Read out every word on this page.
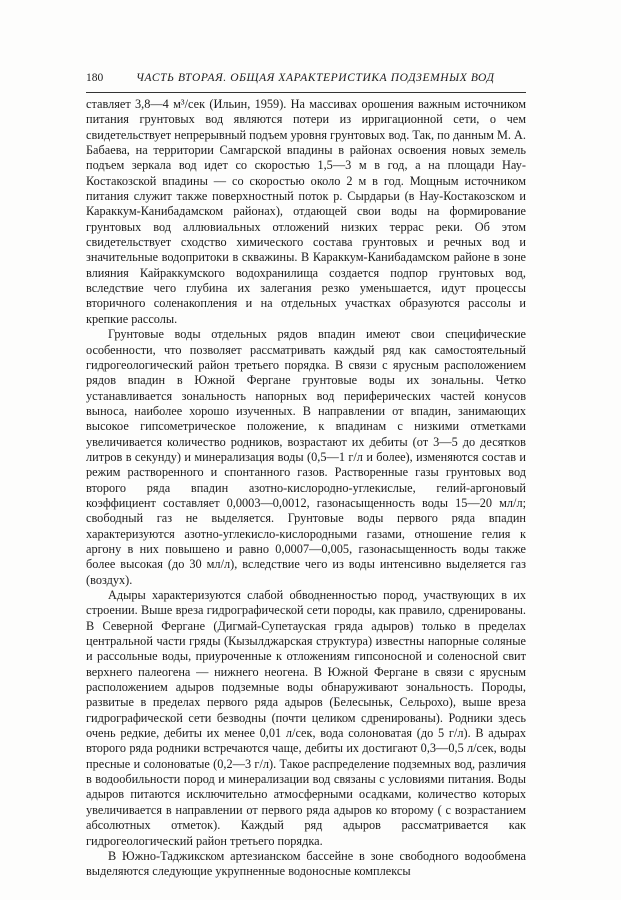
180	ЧАСТЬ ВТОРАЯ. ОБЩАЯ ХАРАКТЕРИСТИКА ПОДЗЕМНЫХ ВОД

ставляет 3,8—4 м³/сек (Ильин, 1959). На массивах орошения важным источником питания грунтовых вод являются потери из ирригационной сети, о чем свидетельствует непрерывный подъем уровня грунтовых вод. Так, по данным М. А. Бабаева, на территории Самгарской впадины в районах освоения новых земель подъем зеркала вод идет со скоростью 1,5—3 м в год, а на площади Нау-Костакозской впадины — со скоростью около 2 м в год. Мощным источником питания служит также поверхностный поток р. Сырдарьи (в Нау-Костакозском и Караккум-Канибадамском районах), отдающей свои воды на формирование грунтовых вод аллювиальных отложений низких террас реки. Об этом свидетельствует сходство химического состава грунтовых и речных вод и значительные водопритоки в скважины. В Караккум-Канибадамском районе в зоне влияния Кайраккумского водохранилища создается подпор грунтовых вод, вследствие чего глубина их залегания резко уменьшается, идут процессы вторичного соленакопления и на отдельных участках образуются рассолы и крепкие рассолы.

Грунтовые воды отдельных рядов впадин имеют свои специфические особенности, что позволяет рассматривать каждый ряд как самостоятельный гидрогеологический район третьего порядка. В связи с ярусным расположением рядов впадин в Южной Фергане грунтовые воды их зональны. Четко устанавливается зональность напорных вод периферических частей конусов выноса, наиболее хорошо изученных. В направлении от впадин, занимающих высокое гипсометрическое положение, к впадинам с низкими отметками увеличивается количество родников, возрастают их дебиты (от 3—5 до десятков литров в секунду) и минерализация воды (0,5—1 г/л и более), изменяются состав и режим растворенного и спонтанного газов. Растворенные газы грунтовых вод второго ряда впадин азотно-кислородно-углекислые, гелий-аргоновый коэффициент составляет 0,0003—0,0012, газонасыщенность воды 15—20 мл/л; свободный газ не выделяется. Грунтовые воды первого ряда впадин характеризуются азотно-углекисло-кислородными газами, отношение гелия к аргону в них повышено и равно 0,0007—0,005, газонасыщенность воды также более высокая (до 30 мл/л), вследствие чего из воды интенсивно выделяется газ (воздух).

Адыры характеризуются слабой обводненностью пород, участвующих в их строении. Выше вреза гидрографической сети породы, как правило, сдренированы. В Северной Фергане (Дигмай-Супетауская гряда адыров) только в пределах центральной части гряды (Кызылджарская структура) известны напорные соляные и рассольные воды, приуроченные к отложениям гипсоносной и соленосной свит верхнего палеогена — нижнего неогена. В Южной Фергане в связи с ярусным расположением адыров подземные воды обнаруживают зональность. Породы, развитые в пределах первого ряда адыров (Белесыньк, Сельрохо), выше вреза гидрографической сети безводны (почти целиком сдренированы). Родники здесь очень редкие, дебиты их менее 0,01 л/сек, вода солоноватая (до 5 г/л). В адырах второго ряда родники встречаются чаще, дебиты их достигают 0,3—0,5 л/сек, воды пресные и солоноватые (0,2—3 г/л). Такое распределение подземных вод, различия в водообильности пород и минерализации вод связаны с условиями питания. Воды адыров питаются исключительно атмосферными осадками, количество которых увеличивается в направлении от первого ряда адыров ко второму ( с возрастанием абсолютных отметок). Каждый ряд адыров рассматривается как гидрогеологический район третьего порядка.

В Южно-Таджикском артезианском бассейне в зоне свободного водообмена выделяются следующие укрупненные водоносные комплексы
